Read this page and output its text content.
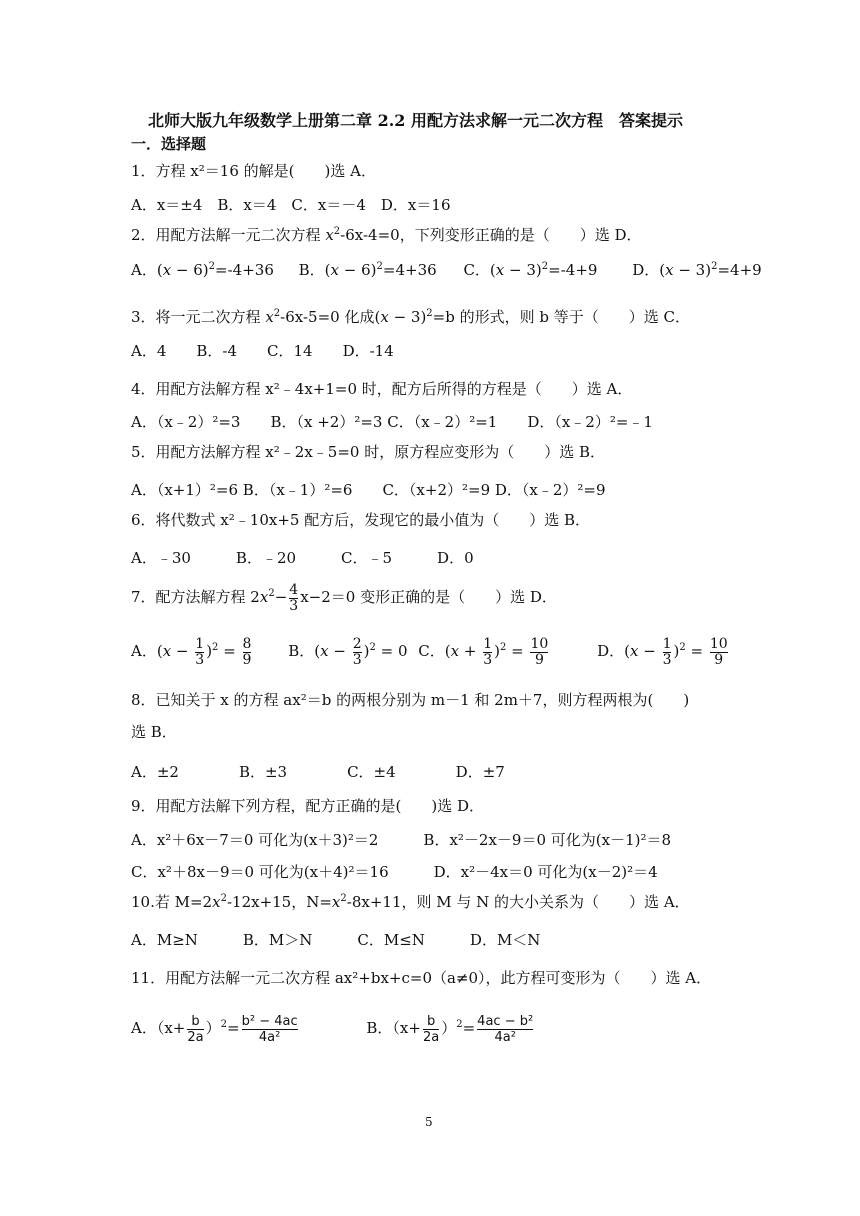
北师大版九年级数学上册第二章 2.2 用配方法求解一元二次方程　答案提示
一．选择题
1．方程 x²＝16 的解是(　　)选 A．
A．x＝±4　B．x＝4　C．x＝－4　D．x＝16
2．用配方法解一元二次方程 $x^2-6x-4=0$，下列变形正确的是（　　）选 D．
A．$(x - 6)^2=-4+36$ B．$(x - 6)^2=4+36$ C．$(x - 3)^2=-4+9$ D．$(x - 3)^2=4+9$
3．将一元二次方程 $x^2-6x-5=0$ 化成$(x - 3)^2=b$ 的形式，则 b 等于（　　）选 C．
A．4　　B．-4　　C．14　　D．-14
4．用配方法解方程 x²﹣4x+1=0 时，配方后所得的方程是（　　）选 A．
A．（x﹣2）²=3　　B．（x +2）²=3 C．（x﹣2）²=1　　D．（x﹣2）²=﹣1
5．用配方法解方程 x²﹣2x﹣5=0 时，原方程应变形为（　　）选 B．
A．（x+1）²=6 B．（x﹣1）²=6　　C．（x+2）²=9 D．（x﹣2）²=9
6．将代数式 x²﹣10x+5 配方后，发现它的最小值为（　　）选 B．
A．﹣30　　　B．﹣20　　　C．﹣5　　　D．0
7．配方法解方程 $2x^2- \frac{4}{3} x-2=0$ 变形正确的是（　　）选 D．
A．$(x - \frac{1}{3} )^2 = \frac{8}{9}$ B．$(x - \frac{2}{3} )^2 = 0$ C．$(x + \frac{1}{3} )^2 = \frac{10}{9}$	D．$(x - \frac{1}{3} )^2 = \frac{10}{9}$
8．已知关于 x 的方程 ax²＝b 的两根分别为 m－1 和 2m＋7，则方程两根为(　　)
选 B．
A．±2　　　　B．±3　　　　C．±4　　　　D．±7
9．用配方法解下列方程，配方正确的是(　　)选 D．
A．x²＋6x－7＝0 可化为(x＋3)²＝2　　　B．x²－2x－9＝0 可化为(x－1)²＝8
C．x²＋8x－9＝0 可化为(x＋4)²＝16　　　D．x²－4x＝0 可化为(x－2)²＝4
10.若 $M=2x^2-12x+15$，$N=x^2-8x+11$，则 M 与 N 的大小关系为（　　）选 A．
A．M≥N　　　B．M＞N　　　C．M≤N　　　D．M＜N
11．用配方法解一元二次方程 ax²+bx+c=0（a≠0），此方程可变形为（　　）选 A．
A．$(x+ \frac{b}{2a} )^2= \frac{\text{b² − 4ac}}{\text{4a²}}$	B．$(x+ \frac{b}{2a} )^2= \frac{\text{4ac − b²}}{\text{4a²}}$
5
